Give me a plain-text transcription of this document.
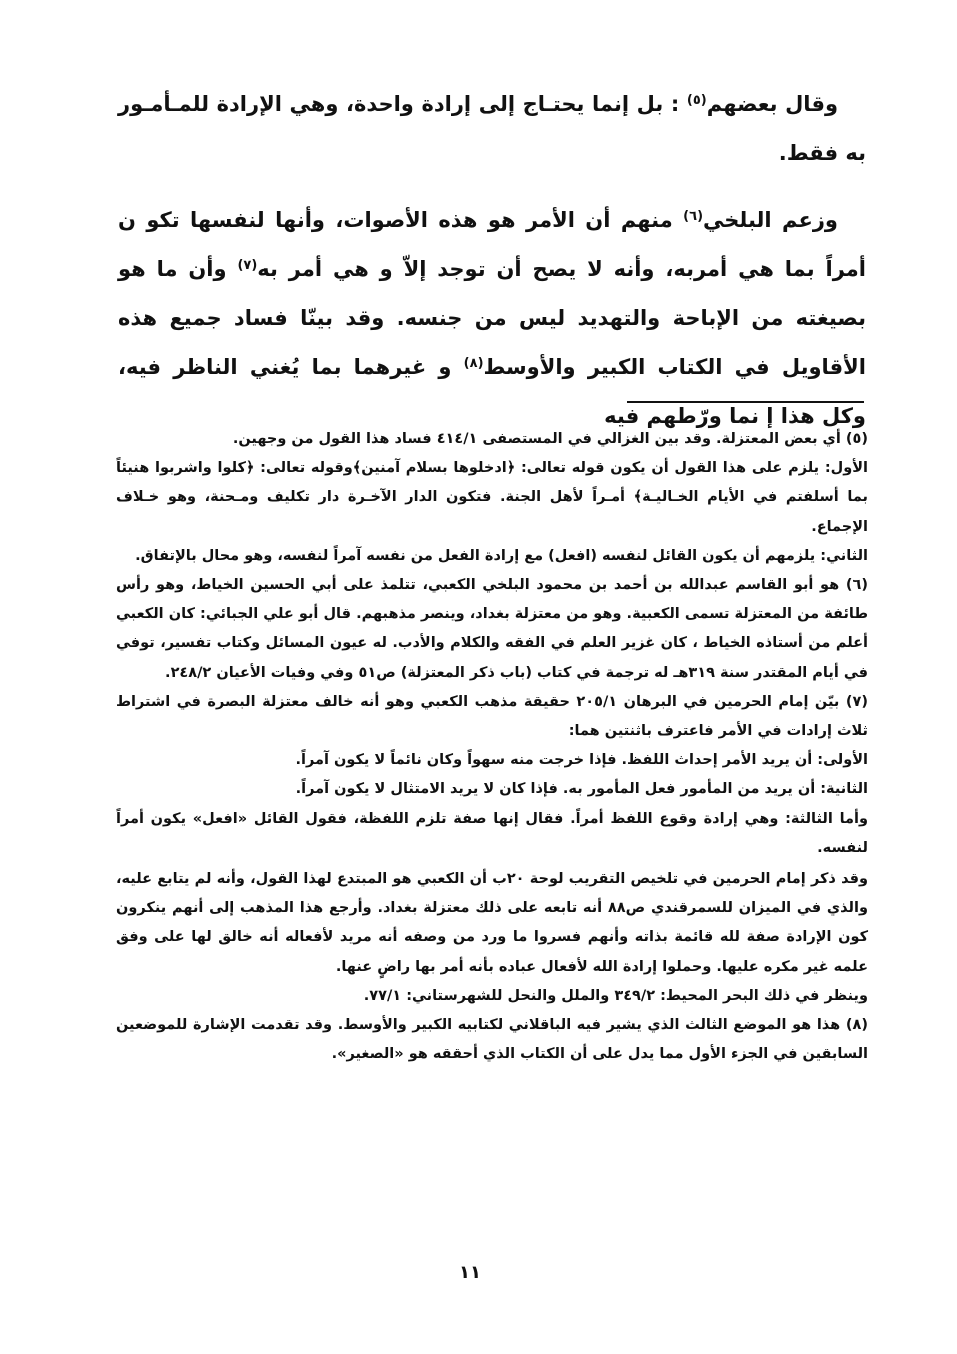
وقال بعضهم$^{(٥)}$ : بل إنما يحتـاج إلى إرادة واحدة، وهي الإرادة للمـأمـور به فقط.

وزعم البلخي$^{(٦)}$ منهم أن الأمر هو هذه الأصوات، وأنها لنفسها تكو ن أمراً بما هي أمربه، وأنه لا يصح أن توجد إلاّ و هي أمر به$^{(٧)}$ وأن ما هو بصيغته من الإباحة والتهديد ليس من جنسه. وقد بينّا فساد جميع هذه الأقاويل في الكتاب الكبير والأوسط$^{(٨)}$ و غيرهما بما يُغني الناظر فيه، وكل هذا إ نما ورّطهم فيه

(٥) أي بعض المعتزلة. وقد بين الغزالي في المستصفى ٤١٤/١ فساد هذا القول من وجهين.

الأول: يلزم على هذا القول أن يكون قوله تعالى: ﴿ادخلوها بسلام آمنين﴾وقوله تعالى: ﴿كلوا واشربوا هنيئاً بما أسلفتم في الأيام الخـاليـة﴾ أمـراً لأهل الجنة. فتكون الدار الآخـرة دار تكليف ومـحنة، وهو خـلاف الإجماع.

الثاني: يلزمهم أن يكون القائل لنفسه (افعل) مع إرادة الفعل من نفسه آمراً لنفسه، وهو محال بالإتفاق.

(٦) هو أبو القاسم عبدالله بن أحمد بن محمود البلخي الكعبي، تتلمذ على أبي الحسين الخياط، وهو رأس طائفة من المعتزلة تسمى الكعبية. وهو من معتزلة بغداد، وينصر مذهبهم. قال أبو علي الجبائي: كان الكعبي أعلم من أستاذه الخياط ، كان غزير العلم في الفقه والكلام والأدب. له عيون المسائل وكتاب تفسير، توفي في أيام المقتدر سنة ٣١٩هـ له ترجمة في كتاب (باب ذكر المعتزلة) ص٥١ وفي وفيات الأعيان ٢٤٨/٢.

(٧) بيّن إمام الحرمين في البرهان ٢٠٥/١ حقيقة مذهب الكعبي وهو أنه خالف معتزلة البصرة في اشتراط ثلاث إرادات في الأمر فاعترف باثنتين هما:

الأولى: أن يريد الأمر إحداث اللفظ. فإذا خرجت منه سهواً وكان نائماً لا يكون آمراً.

الثانية: أن يريد من المأمور فعل المأمور به. فإذا كان لا يريد الامتثال لا يكون آمراً.

وأما الثالثة: وهي إرادة وقوع اللفظ أمراً. فقال إنها صفة تلزم اللفظة، فقول القائل «افعل» يكون أمراً لنفسه.

وقد ذكر إمام الحرمين في تلخيص التقريب لوحة ٢٠ب أن الكعبي هو المبتدع لهذا القول، وأنه لم يتابع عليه، والذي في الميزان للسمرقندي ص٨٨ أنه تابعه على ذلك معتزلة بغداد. وأرجع هذا المذهب إلى أنهم ينكرون كون الإرادة صفة لله قائمة بذاته وأنهم فسروا ما ورد من وصفه أنه مريد لأفعاله أنه خالق لها على وفق علمه غير مكره عليها. وحملوا إرادة الله لأفعال عباده بأنه أمر بها راضٍ عنها.

وينظر في ذلك البحر المحيط: ٣٤٩/٢ والملل والنحل للشهرستاني: ٧٧/١.

(٨) هذا هو الموضع الثالث الذي يشير فيه الباقلاني لكتابيه الكبير والأوسط. وقد تقدمت الإشارة للموضعين السابقين في الجزء الأول مما يدل على أن الكتاب الذي أحققه هو «الصغير».

١١
